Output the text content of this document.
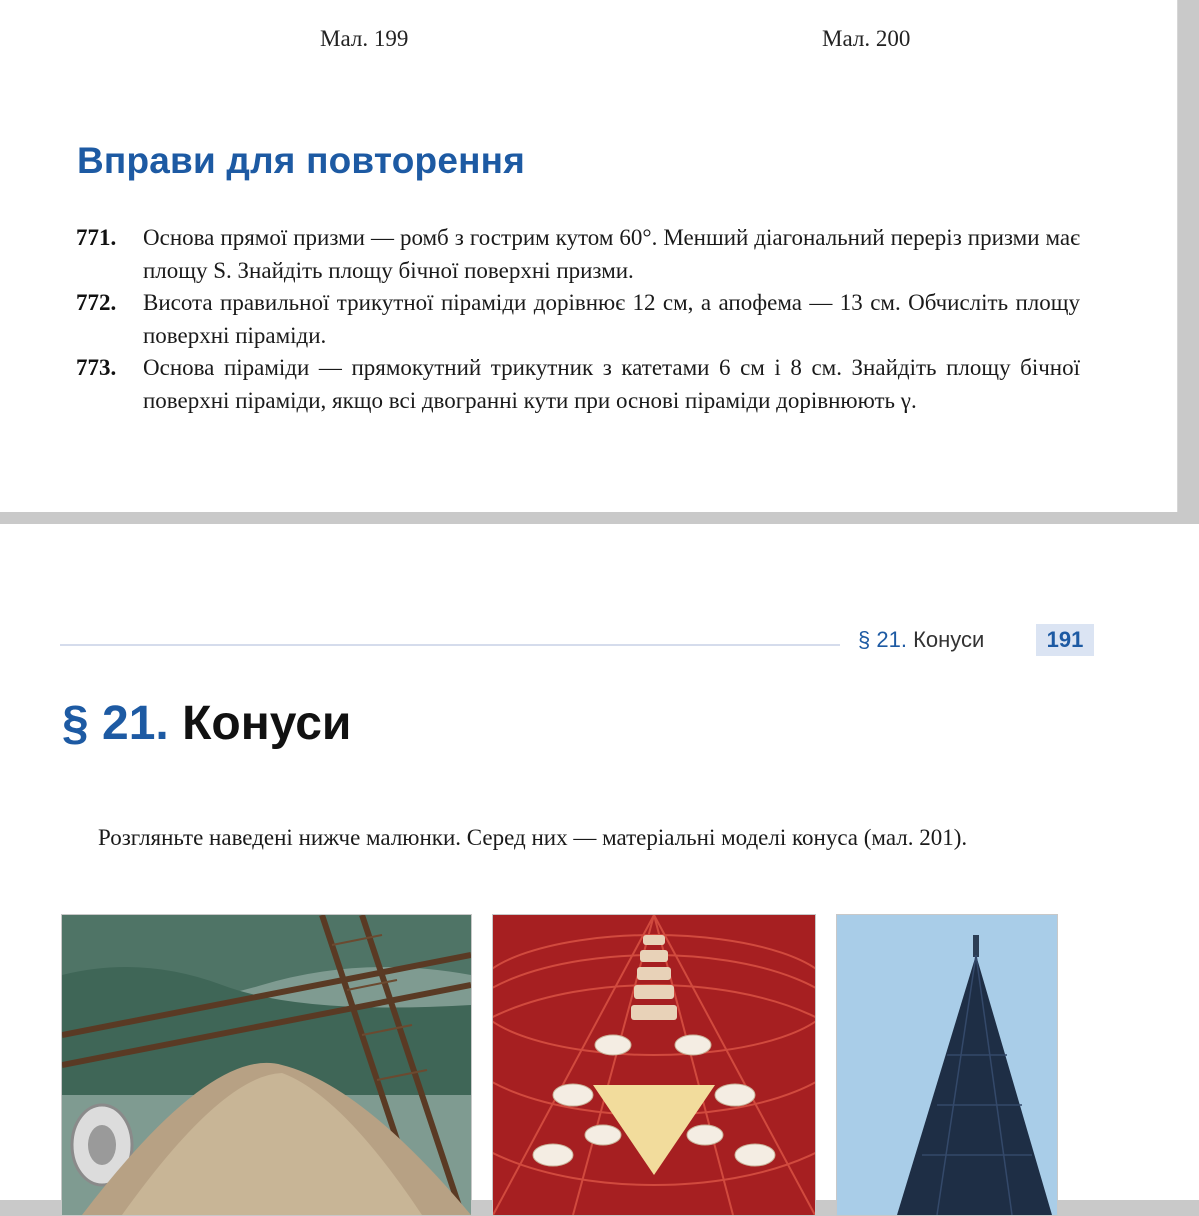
Мал. 199	Мал. 200
Вправи для повторення
771. Основа прямої призми — ромб з гострим кутом 60°. Менший діагональний переріз призми має площу S. Знайдіть площу бічної поверхні призми.
772. Висота правильної трикутної піраміди дорівнює 12 см, а апофема — 13 см. Обчисліть площу поверхні піраміди.
773. Основа піраміди — прямокутний трикутник з катетами 6 см і 8 см. Знайдіть площу бічної поверхні піраміди, якщо всі двогранні кути при основі піраміди дорівнюють γ.
§ 21. Конуси	191
§ 21. Конуси

Розгляньте наведені нижче малюнки. Серед них — матеріальні моделі конуса (мал. 201).
